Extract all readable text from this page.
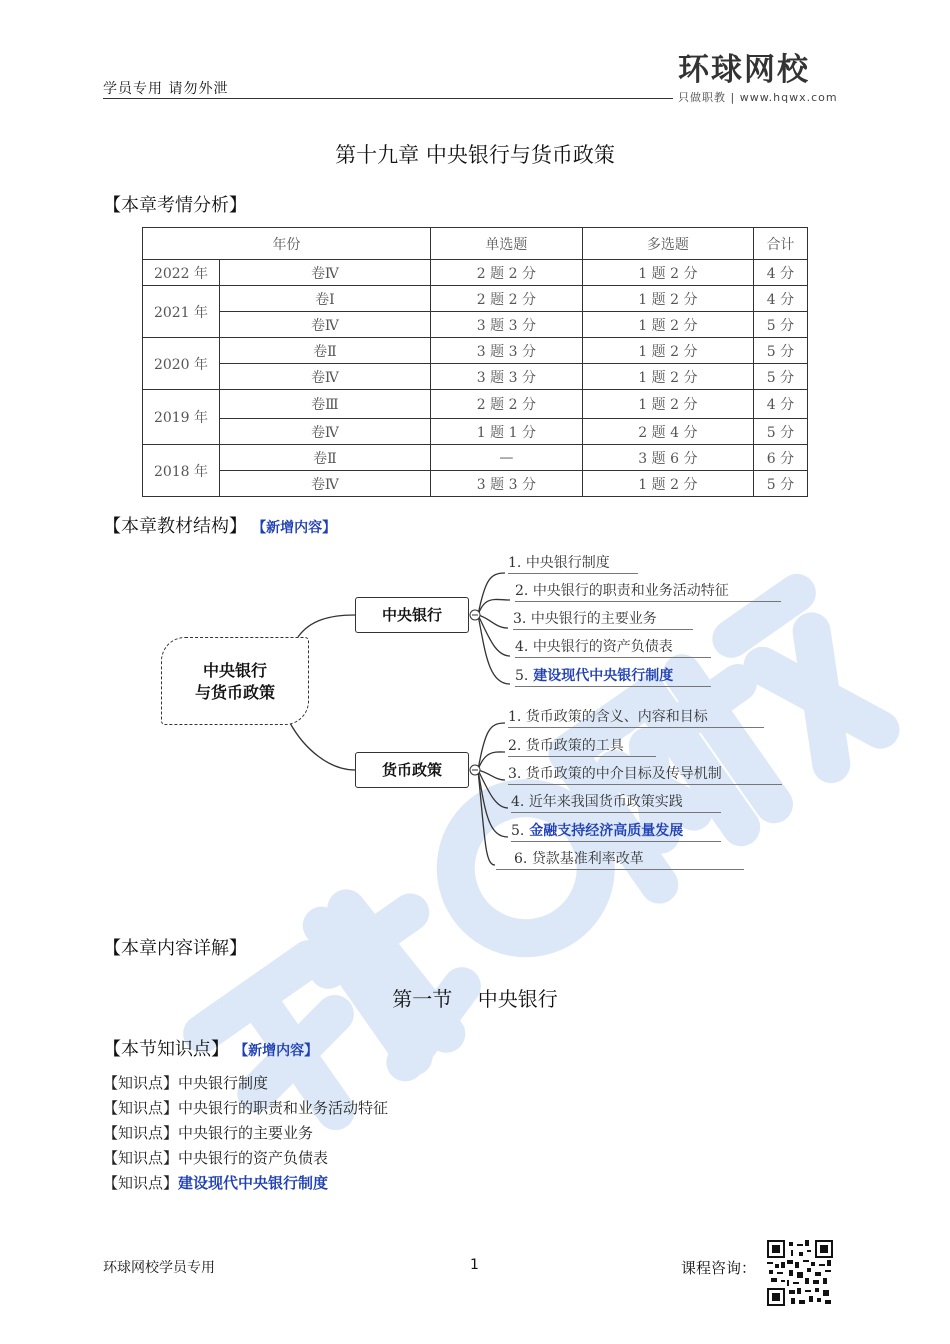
学员专用 请勿外泄
环球网校
只做职教 | www.hqwx.com
第十九章 中央银行与货币政策
【本章考情分析】
年份		单选题	多选题	合计
2022 年	卷Ⅳ	2 题 2 分	1 题 2 分	4 分
2021 年	卷Ⅰ	2 题 2 分	1 题 2 分	4 分
	卷Ⅳ	3 题 3 分	1 题 2 分	5 分
2020 年	卷Ⅱ	3 题 3 分	1 题 2 分	5 分
	卷Ⅳ	3 题 3 分	1 题 2 分	5 分
2019 年	卷Ⅲ	2 题 2 分	1 题 2 分	4 分
	卷Ⅳ	1 题 1 分	2 题 4 分	5 分
2018 年	卷Ⅱ	—	3 题 6 分	6 分
	卷Ⅳ	3 题 3 分	1 题 2 分	5 分
【本章教材结构】 【新增内容】
中央银行
与货币政策
中央银行
货币政策
1. 中央银行制度
2. 中央银行的职责和业务活动特征
3. 中央银行的主要业务
4. 中央银行的资产负债表
5. 建设现代中央银行制度
1. 货币政策的含义、内容和目标
2. 货币政策的工具
3. 货币政策的中介目标及传导机制
4. 近年来我国货币政策实践
5. 金融支持经济高质量发展
6. 贷款基准利率改革
【本章内容详解】
第一节    中央银行
【本节知识点】 【新增内容】
【知识点】中央银行制度
【知识点】中央银行的职责和业务活动特征
【知识点】中央银行的主要业务
【知识点】中央银行的资产负债表
【知识点】建设现代中央银行制度
环球网校学员专用	1	课程咨询：
